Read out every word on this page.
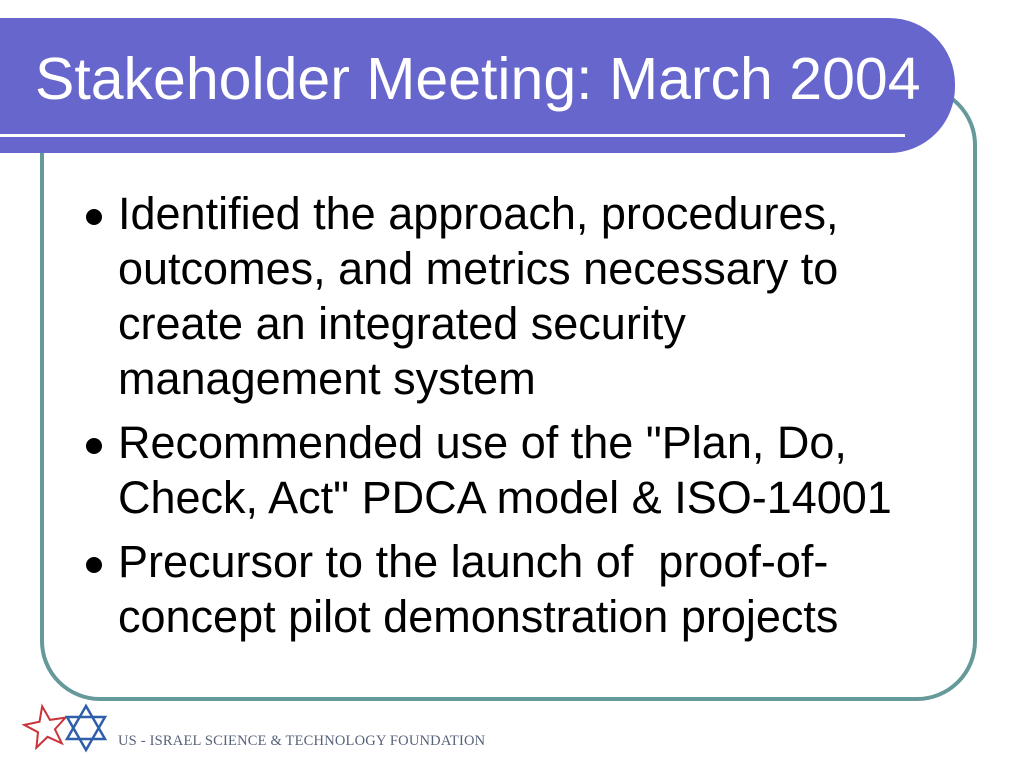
Stakeholder Meeting: March 2004
Identified the approach, procedures, outcomes, and metrics necessary to create an integrated security management system
Recommended use of the "Plan, Do, Check, Act" PDCA model & ISO-14001
Precursor to the launch of  proof-of-concept pilot demonstration projects
US - ISRAEL SCIENCE & TECHNOLOGY FOUNDATION
